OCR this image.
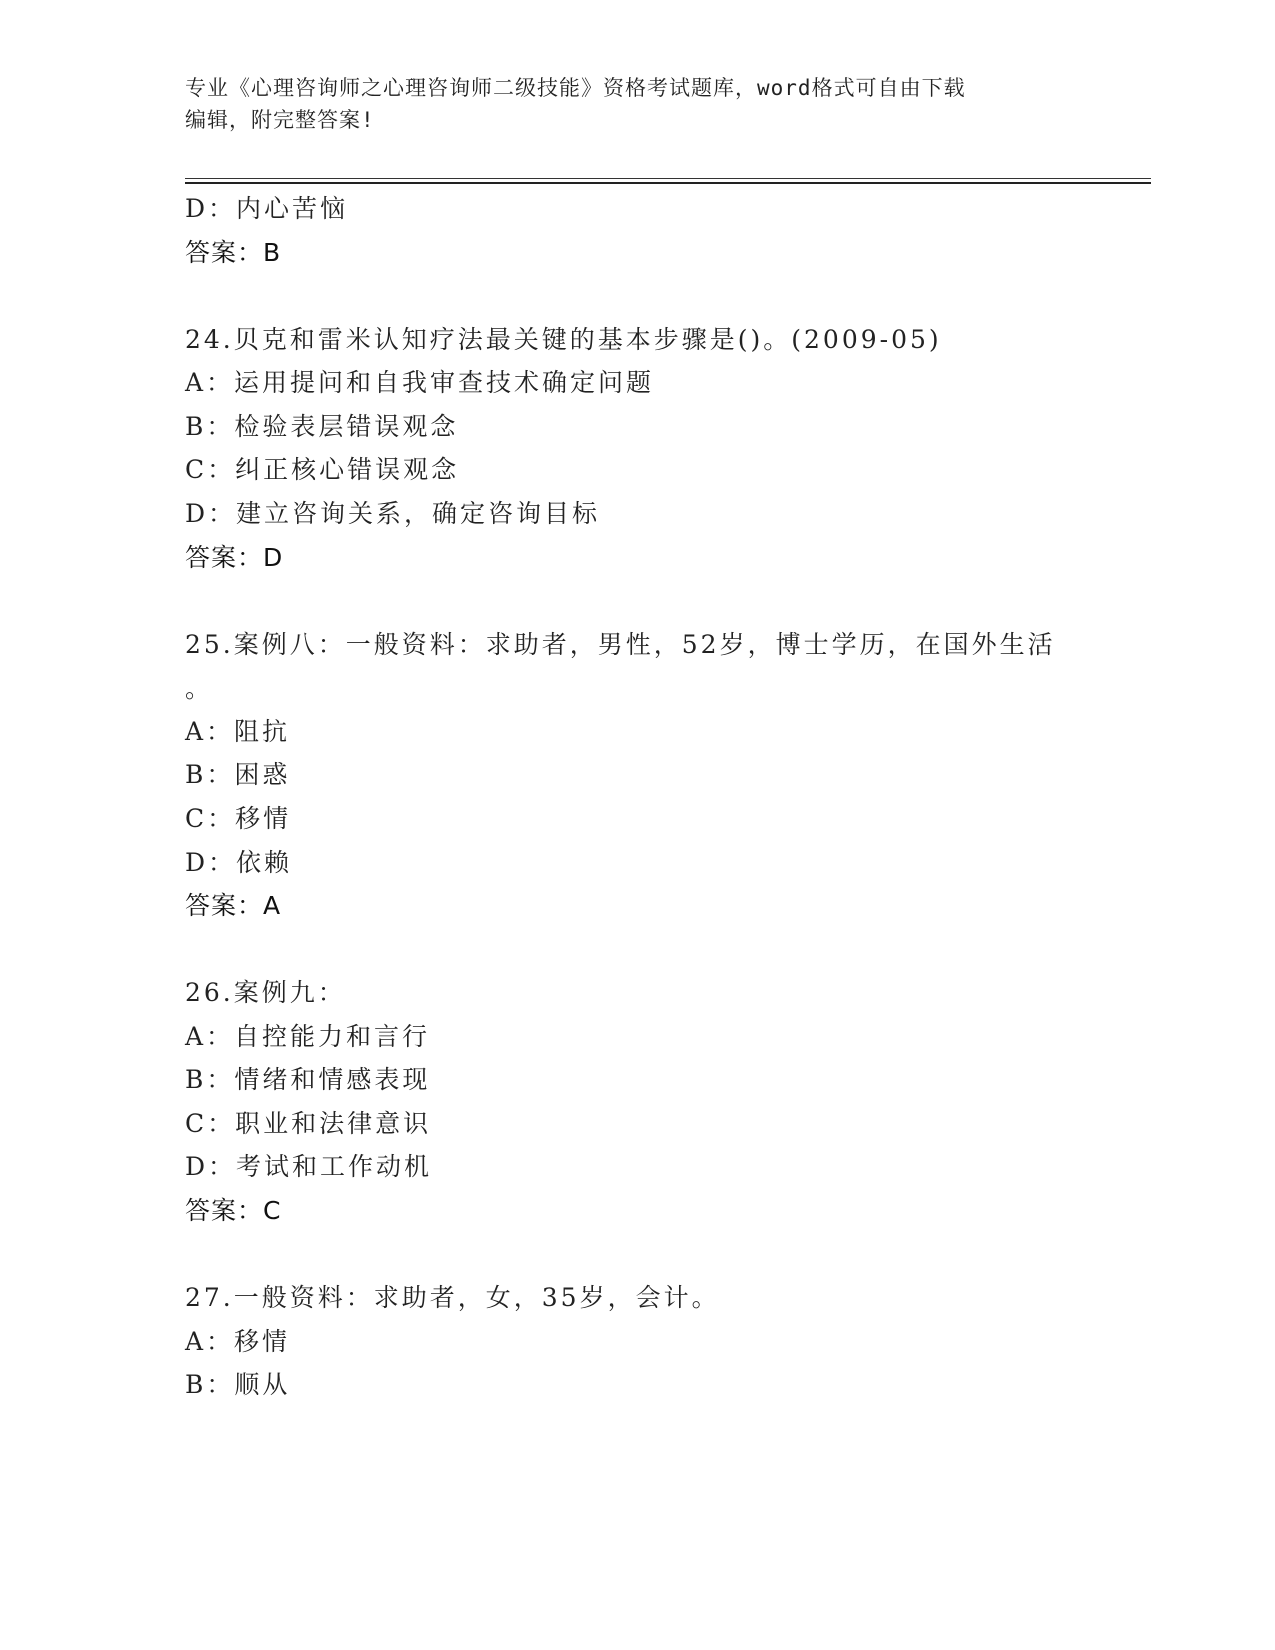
专业《心理咨询师之心理咨询师二级技能》资格考试题库，word格式可自由下载
编辑，附完整答案!
D：内心苦恼
答案：B
24.贝克和雷米认知疗法最关键的基本步骤是()。(2009-05)
A：运用提问和自我审查技术确定问题
B：检验表层错误观念
C：纠正核心错误观念
D：建立咨询关系，确定咨询目标
答案：D
25.案例八：一般资料：求助者，男性，52岁，博士学历，在国外生活
。
A：阻抗
B：困惑
C：移情
D：依赖
答案：A
26.案例九：
A：自控能力和言行
B：情绪和情感表现
C：职业和法律意识
D：考试和工作动机
答案：C
27.一般资料：求助者，女，35岁，会计。
A：移情
B：顺从
